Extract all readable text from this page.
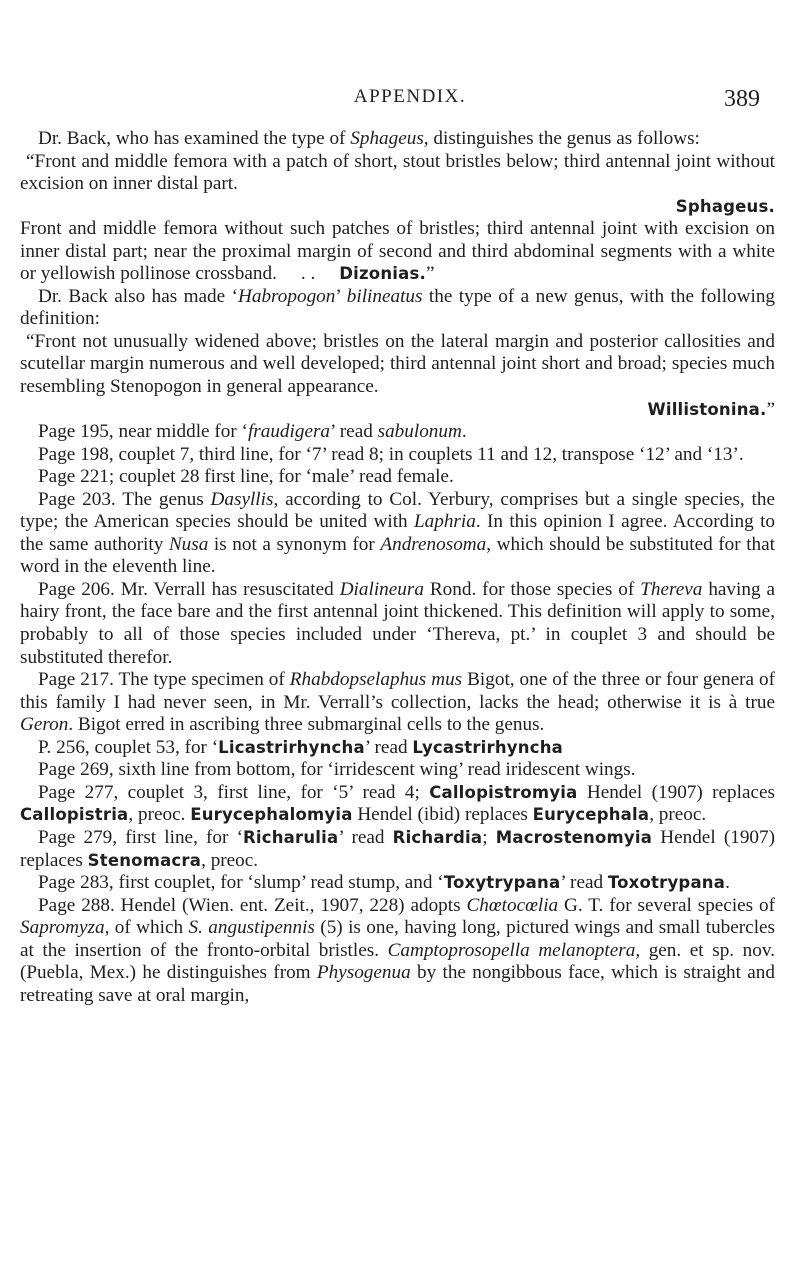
APPENDIX.	389

Dr. Back, who has examined the type of Sphageus, distinguishes the genus as follows:

“Front and middle femora with a patch of short, stout bristles below; third antennal joint without excision on inner distal part.
Sphageus.

Front and middle femora without such patches of bristles; third antennal joint with excision on inner distal part; near the proximal margin of second and third abdominal segments with a white or yellowish pollinose crossband. . . Dizonias.”

Dr. Back also has made ‘Habropogon’ bilineatus the type of a new genus, with the following definition:

“Front not unusually widened above; bristles on the lateral margin and posterior callosities and scutellar margin numerous and well developed; third antennal joint short and broad; species much resembling Stenopogon in general appearance.
Willistonina.”

Page 195, near middle for ‘fraudigera’ read sabulonum.

Page 198, couplet 7, third line, for ‘7’ read 8; in couplets 11 and 12, transpose ‘12’ and ‘13’.

Page 221; couplet 28 first line, for ‘male’ read female.

Page 203. The genus Dasyllis, according to Col. Yerbury, comprises but a single species, the type; the American species should be united with Laphria. In this opinion I agree. According to the same authority Nusa is not a synonym for Andrenosoma, which should be substituted for that word in the eleventh line.

Page 206. Mr. Verrall has resuscitated Dialineura Rond. for those species of Thereva having a hairy front, the face bare and the first antennal joint thickened. This definition will apply to some, probably to all of those species included under ‘Thereva, pt.’ in couplet 3 and should be substituted therefor.

Page 217. The type specimen of Rhabdopselaphus mus Bigot, one of the three or four genera of this family I had never seen, in Mr. Verrall’s collection, lacks the head; otherwise it is à true Geron. Bigot erred in ascribing three submarginal cells to the genus.

P. 256, couplet 53, for ‘Licastrirhyncha’ read Lycastrirhyncha

Page 269, sixth line from bottom, for ‘irridescent wing’ read iridescent wings.

Page 277, couplet 3, first line, for ‘5’ read 4; Callopistromyia Hendel (1907) replaces Callopistria, preoc. Eurycephalomyia Hendel (ibid) replaces Eurycephala, preoc.

Page 279, first line, for ‘Richarulia’ read Richardia; Macrostenomyia Hendel (1907) replaces Stenomacra, preoc.

Page 283, first couplet, for ‘slump’ read stump, and ‘Toxytrypana’ read Toxotrypana.

Page 288. Hendel (Wien. ent. Zeit., 1907, 228) adopts Chœtocœlia G. T. for several species of Sapromyza, of which S. angustipennis (5) is one, having long, pictured wings and small tubercles at the insertion of the fronto-orbital bristles. Camptoprosopella melanoptera, gen. et sp. nov. (Puebla, Mex.) he distinguishes from Physogenua by the nongibbous face, which is straight and retreating save at oral margin,
